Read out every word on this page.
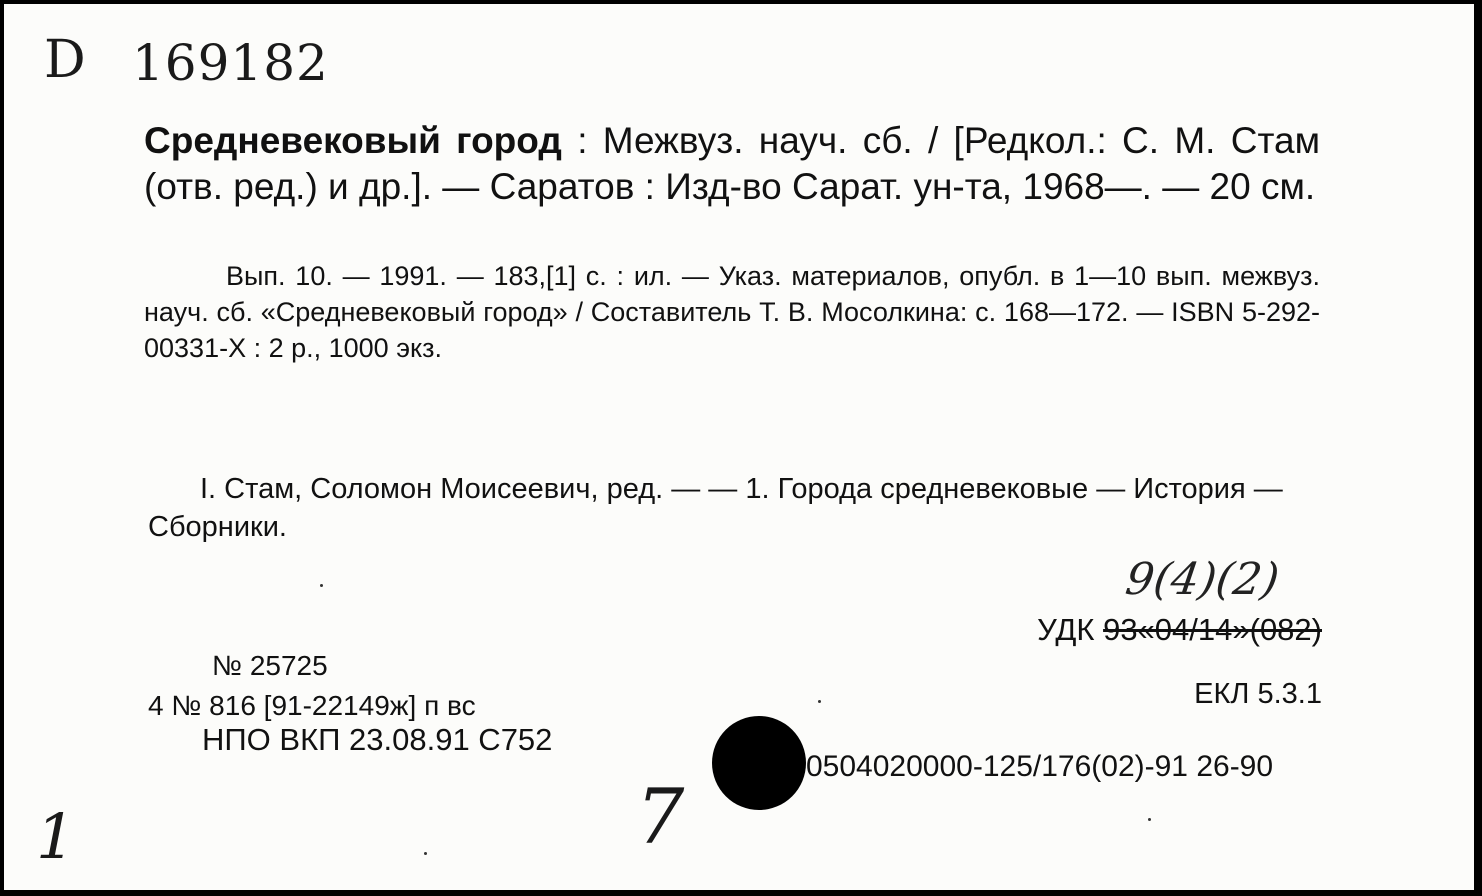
D 169182
Средневековый город : Межвуз. науч. сб. / [Редкол.: С. М. Стам (отв. ред.) и др.]. — Саратов : Изд-во Сарат. ун-та, 1968—. — 20 см.
Вып. 10. — 1991. — 183,[1] с. : ил. — Указ. материалов, опубл. в 1—10 вып. межвуз. науч. сб. «Средневековый город» / Составитель Т. В. Мосолкина: с. 168—172. — ISBN 5-292-00331-X : 2 р., 1000 экз.
I. Стам, Соломон Моисеевич, ред. — — 1. Города средневековые — История — Сборники.
№ 25725
4 № 816 [91-22149ж] п вс
НПО ВКП 23.08.91 С752
9(4)(2)
УДК 93«04/14»(082)
ЕКЛ 5.3.1
0504020000-125/176(02)-91 26-90
1	7
